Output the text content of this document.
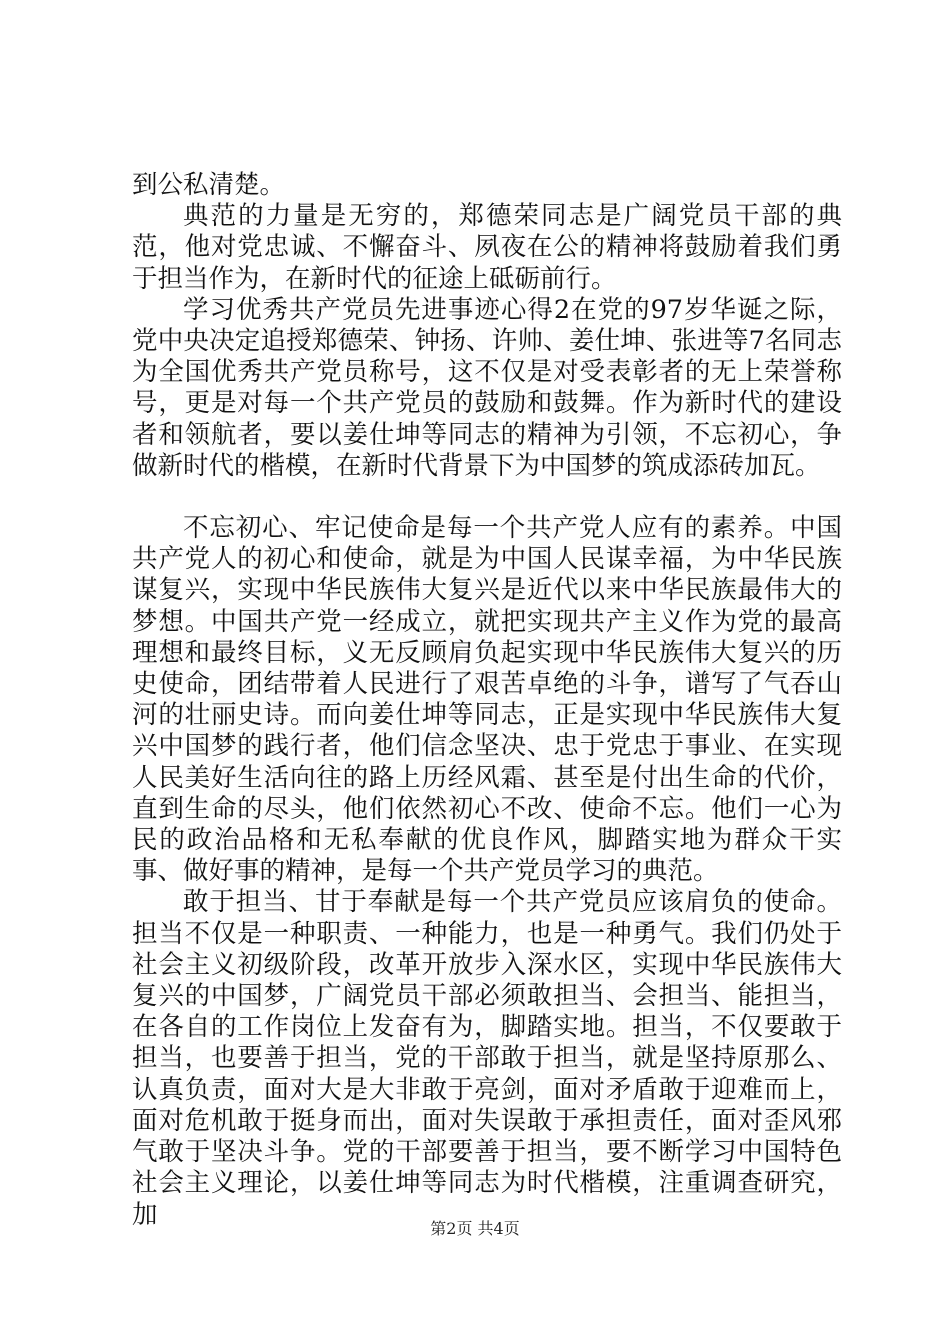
到公私清楚。

典范的力量是无穷的，郑德荣同志是广阔党员干部的典范，他对党忠诚、不懈奋斗、夙夜在公的精神将鼓励着我们勇于担当作为，在新时代的征途上砥砺前行。

学习优秀共产党员先进事迹心得2在党的97岁华诞之际，党中央决定追授郑德荣、钟扬、许帅、姜仕坤、张进等7名同志为全国优秀共产党员称号，这不仅是对受表彰者的无上荣誉称号，更是对每一个共产党员的鼓励和鼓舞。作为新时代的建设者和领航者，要以姜仕坤等同志的精神为引领，不忘初心，争做新时代的楷模，在新时代背景下为中国梦的筑成添砖加瓦。

不忘初心、牢记使命是每一个共产党人应有的素养。中国共产党人的初心和使命，就是为中国人民谋幸福，为中华民族谋复兴，实现中华民族伟大复兴是近代以来中华民族最伟大的梦想。中国共产党一经成立，就把实现共产主义作为党的最高理想和最终目标，义无反顾肩负起实现中华民族伟大复兴的历史使命，团结带着人民进行了艰苦卓绝的斗争，谱写了气吞山河的壮丽史诗。而向姜仕坤等同志，正是实现中华民族伟大复兴中国梦的践行者，他们信念坚决、忠于党忠于事业、在实现人民美好生活向往的路上历经风霜、甚至是付出生命的代价，直到生命的尽头，他们依然初心不改、使命不忘。他们一心为民的政治品格和无私奉献的优良作风，脚踏实地为群众干实事、做好事的精神，是每一个共产党员学习的典范。

敢于担当、甘于奉献是每一个共产党员应该肩负的使命。担当不仅是一种职责、一种能力，也是一种勇气。我们仍处于社会主义初级阶段，改革开放步入深水区，实现中华民族伟大复兴的中国梦，广阔党员干部必须敢担当、会担当、能担当，在各自的工作岗位上发奋有为，脚踏实地。担当，不仅要敢于担当，也要善于担当，党的干部敢于担当，就是坚持原那么、认真负责，面对大是大非敢于亮剑，面对矛盾敢于迎难而上，面对危机敢于挺身而出，面对失误敢于承担责任，面对歪风邪气敢于坚决斗争。党的干部要善于担当，要不断学习中国特色社会主义理论，以姜仕坤等同志为时代楷模，注重调查研究，加	第2页 共4页
